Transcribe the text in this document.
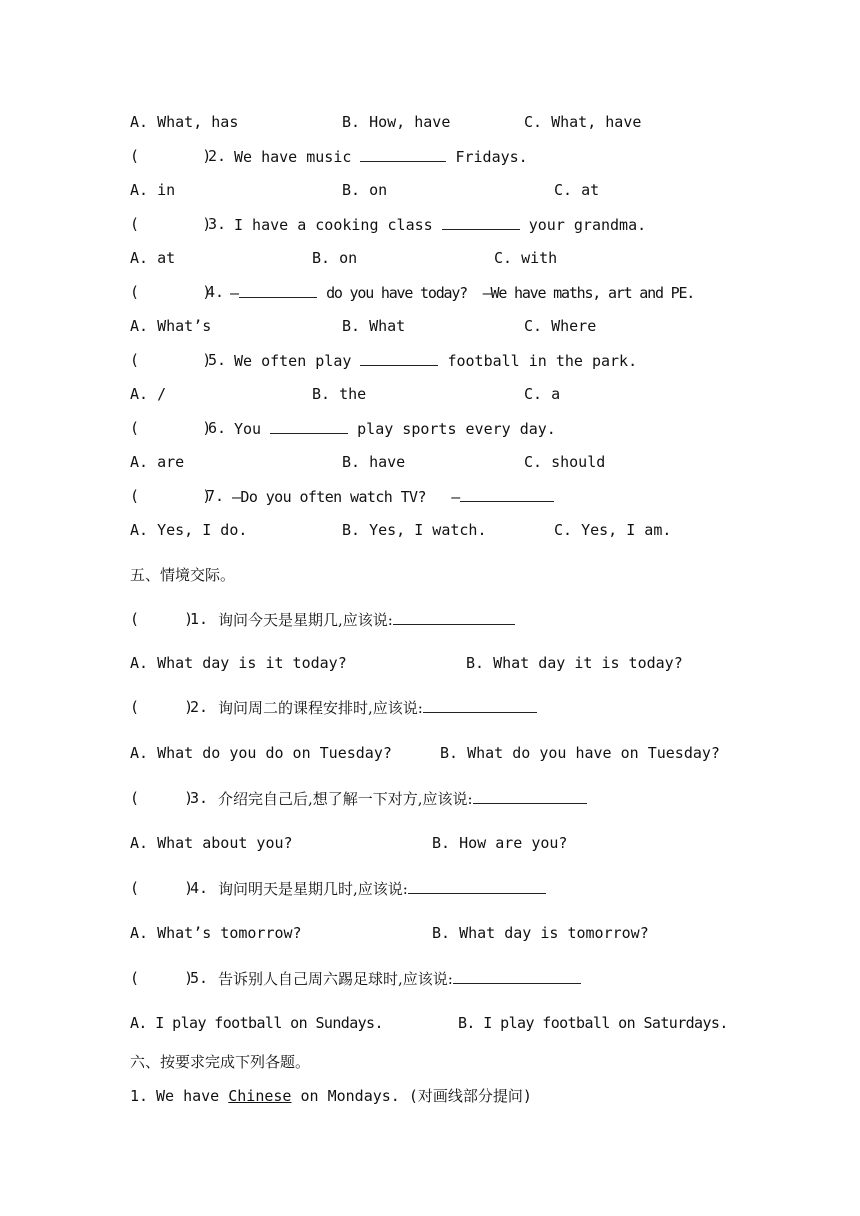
A. What, has

	B. How, have

	C. What, have

(       )

2.

We have music	Fridays.

A. in

	B. on

	C. at

(       )

3.

I have a cooking class	your grandma.

A. at

	B. on

	C. with

(       )

4.

—	do you have today?  —We have maths, art and PE.

A. What’s

	B. What

	C. Where

(       )

5.

We often play	football in the park.

A. /

	B. the

	C. a

(       )

6.

You	play sports every day.

A. are

	B. have

	C. should

(       )

7.

—Do you often watch TV?   —

A. Yes, I do.

	B. Yes, I watch.

	C. Yes, I am.

五、情境交际。

(     )

1.

询问今天是星期几,应该说:

A. What day is it today?

	B. What day it is today?

(     )

2.

询问周二的课程安排时,应该说:

A. What do you do on Tuesday?

	B. What do you have on Tuesday?

(     )

3.

介绍完自己后,想了解一下对方,应该说:

A. What about you?

	B. How are you?

(     )

4.

询问明天是星期几时,应该说:

A. What’s tomorrow?

	B. What day is tomorrow?

(     )

5.

告诉别人自己周六踢足球时,应该说:

A. I play football on Sundays.

	B. I play football on Saturdays.

六、按要求完成下列各题。

1.

We have Chinese on Mondays. (对画线部分提问)
